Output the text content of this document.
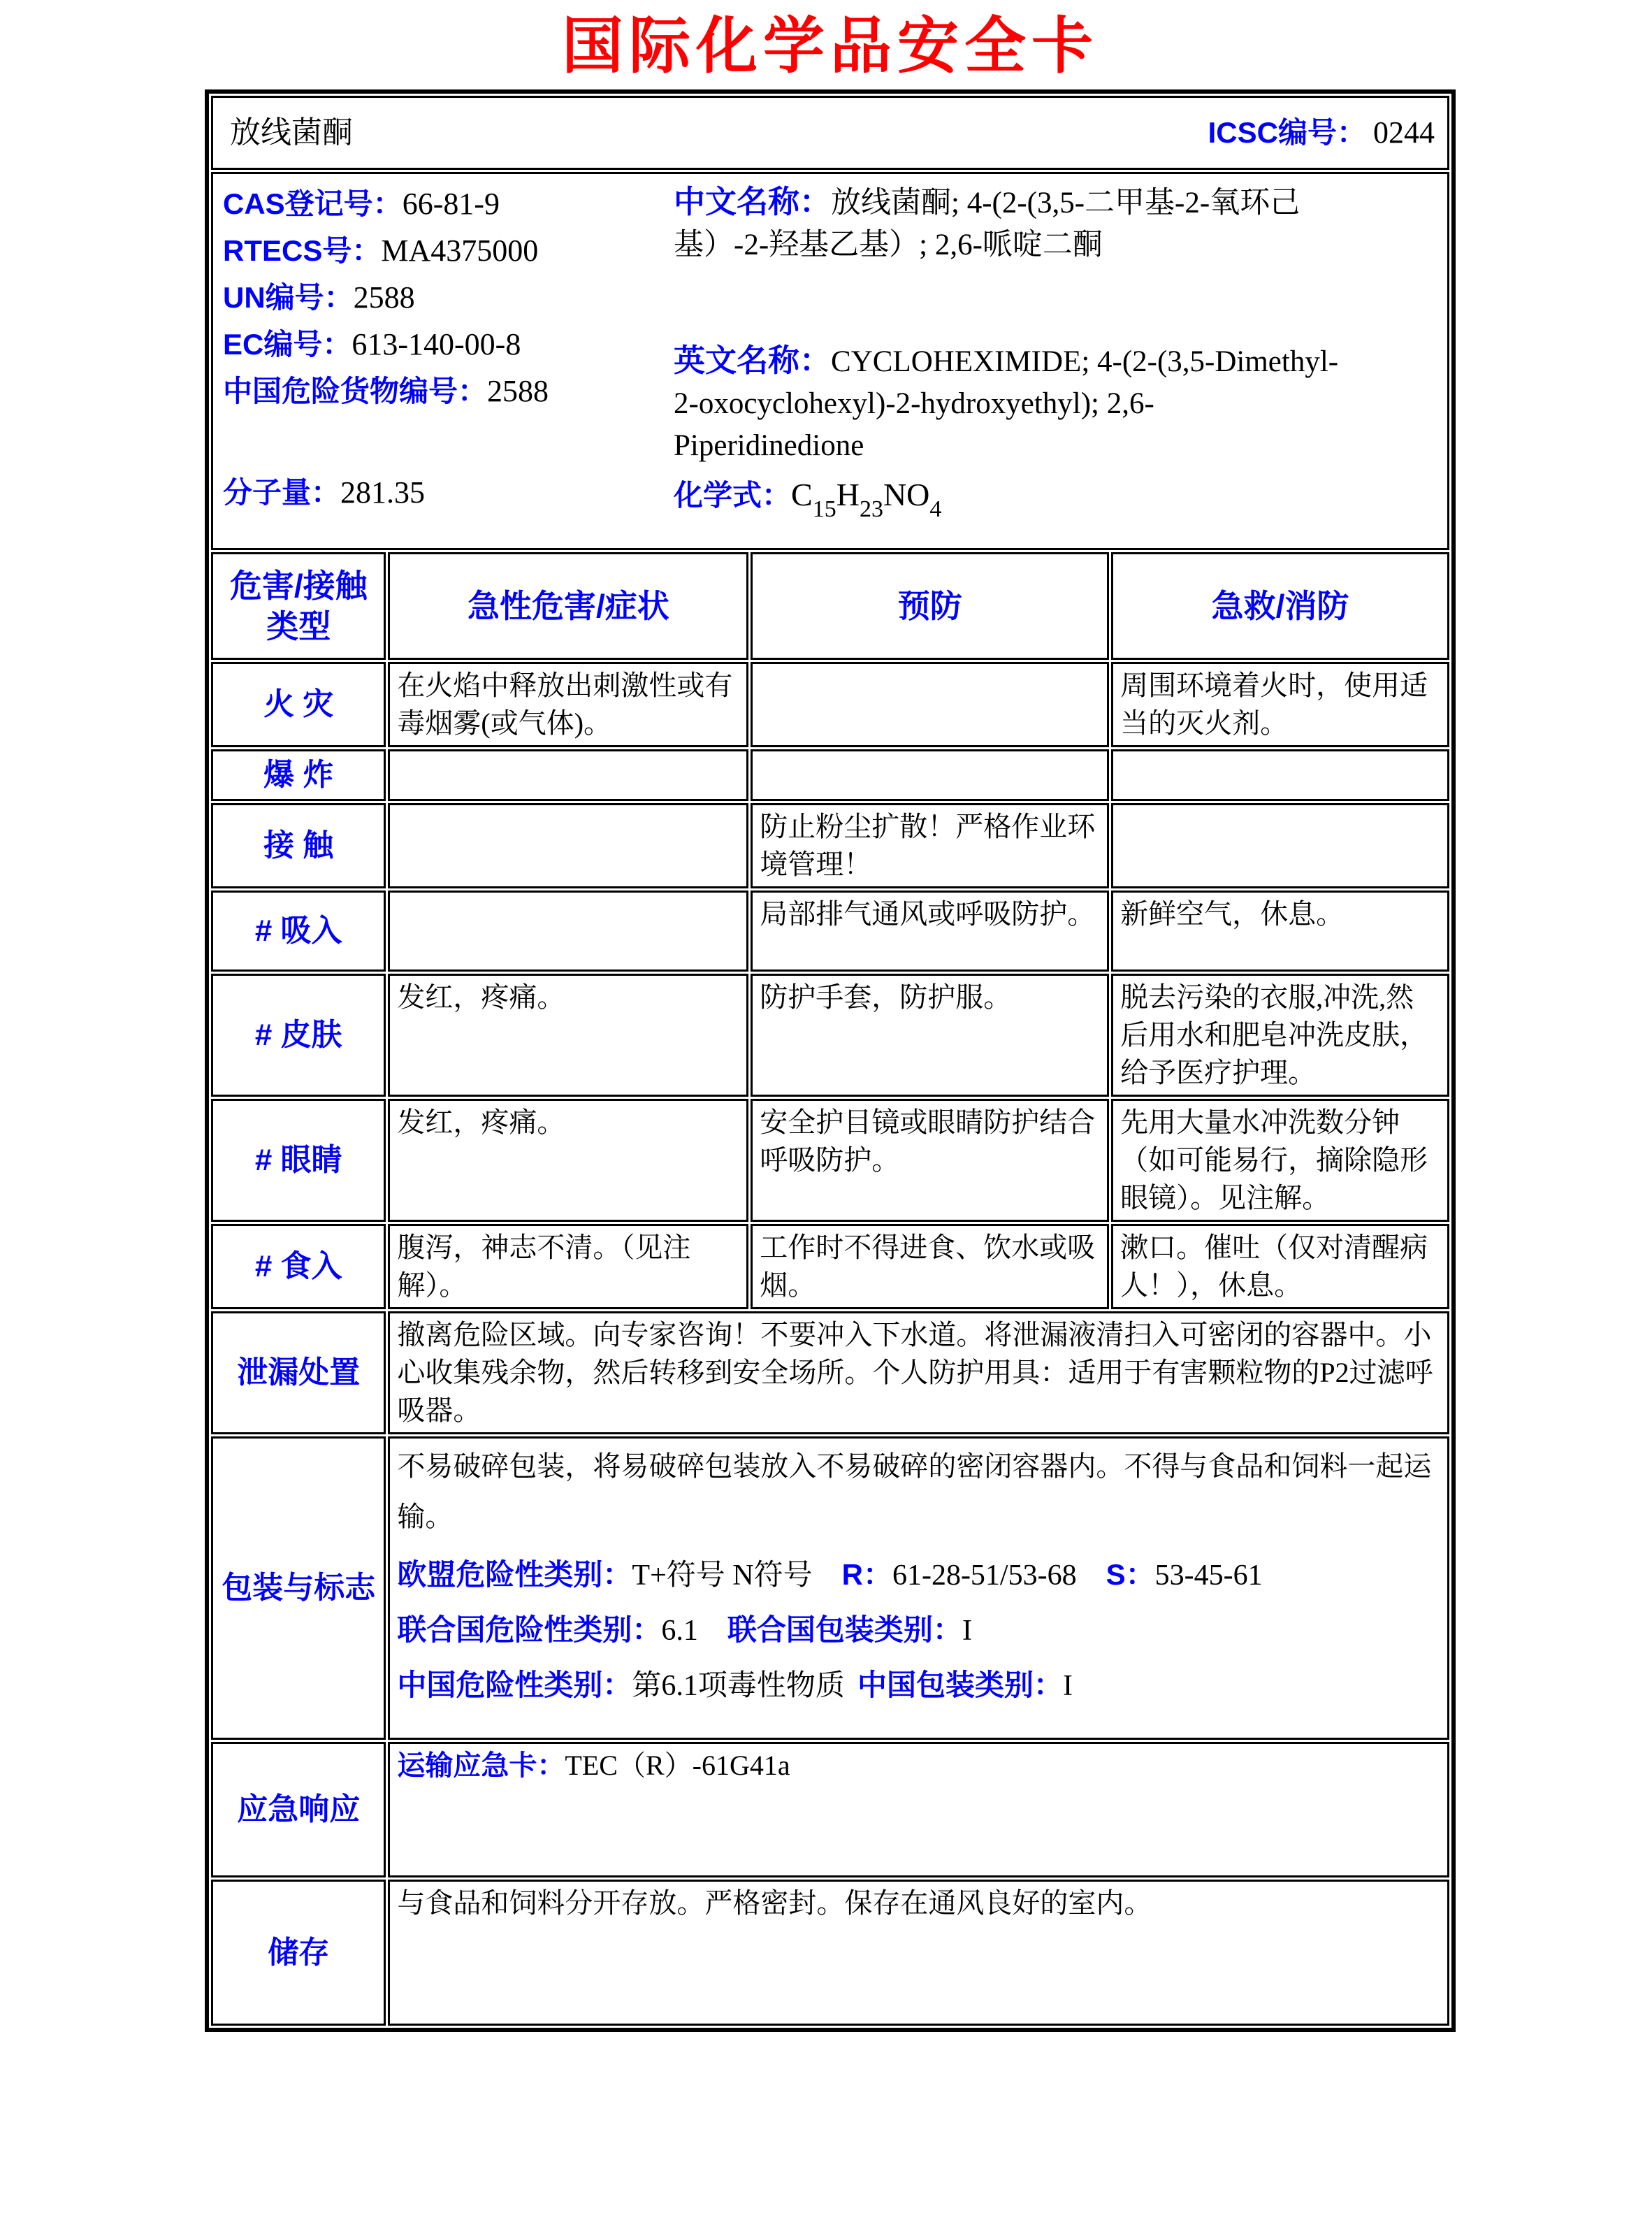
国际化学品安全卡
放线菌酮 ICSC编号： 0244			

CAS登记号：66-81-9
RTECS号：MA4375000
UN编号：2588
EC编号：613-140-00-8
中国危险货物编号：2588
分子量：281.35
中文名称：放线菌酮; 4-(2-(3,5-二甲基-2-氧环己
基）-2-羟基乙基）; 2,6-哌啶二酮
英文名称：CYCLOHEXIMIDE; 4-(2-(3,5-Dimethyl-
2-oxocyclohexyl)-2-hydroxyethyl); 2,6-
Piperidinedione
化学式：$C_{15}H_{23}NO_4$

危害/接触
类型	急性危害/症状	预防	急救/消防
火 灾	在火焰中释放出刺激性或有毒烟雾(或气体)。		周围环境着火时，使用适当的灭火剂。
爆 炸			
接 触		防止粉尘扩散！严格作业环境管理！	
# 吸入		局部排气通风或呼吸防护。	新鲜空气，休息。
# 皮肤	发红，疼痛。	防护手套，防护服。	脱去污染的衣服,冲洗,然后用水和肥皂冲洗皮肤，给予医疗护理。
# 眼睛	发红，疼痛。	安全护目镜或眼睛防护结合呼吸防护。	先用大量水冲洗数分钟（如可能易行，摘除隐形眼镜）。见注解。
# 食入	腹泻，神志不清。（见注解）。	工作时不得进食、饮水或吸烟。	漱口。催吐（仅对清醒病人！），休息。
泄漏处置	撤离危险区域。向专家咨询！不要冲入下水道。将泄漏液清扫入可密闭的容器中。小心收集残余物，然后转移到安全场所。个人防护用具：适用于有害颗粒物的P2过滤呼吸器。		
包装与标志	不易破碎包装，将易破碎包装放入不易破碎的密闭容器内。不得与食品和饲料一起运输。
欧盟危险性类别：T+符号 N符号 R：61-28-51/53-68 S：53-45-61
联合国危险性类别：6.1 联合国包装类别：I
中国危险性类别：第6.1项毒性物质 中国包装类别：I		

应急响应	运输应急卡：TEC（R）-61G41a		
储存	与食品和饲料分开存放。严格密封。保存在通风良好的室内。		
